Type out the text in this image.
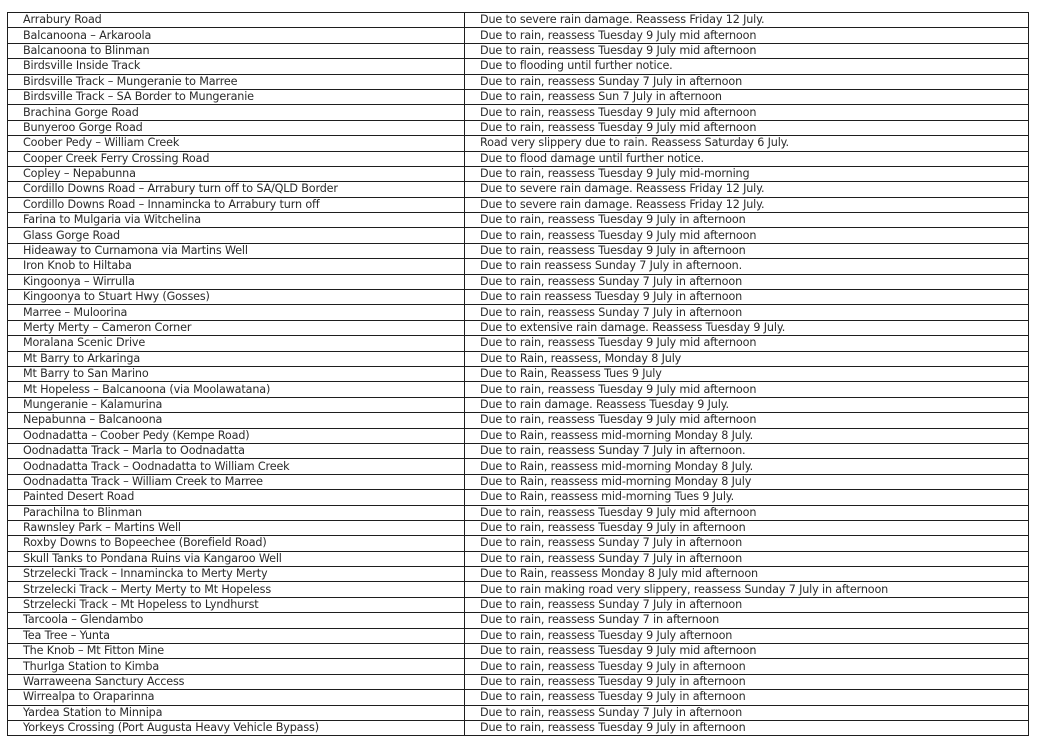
Arrabury Road	Due to severe rain damage. Reassess Friday 12 July.
Balcanoona – Arkaroola	Due to rain, reassess Tuesday 9 July mid afternoon
Balcanoona to Blinman	Due to rain, reassess Tuesday 9 July mid afternoon
Birdsville Inside Track	Due to flooding until further notice.
Birdsville Track – Mungeranie to Marree	Due to rain, reassess Sunday 7 July in afternoon
Birdsville Track – SA Border to Mungeranie	Due to rain, reassess Sun 7 July in afternoon
Brachina Gorge Road	Due to rain, reassess Tuesday 9 July mid afternoon
Bunyeroo Gorge Road	Due to rain, reassess Tuesday 9 July mid afternoon
Coober Pedy – William Creek	Road very slippery due to rain. Reassess Saturday 6 July.
Cooper Creek Ferry Crossing Road	Due to flood damage until further notice.
Copley – Nepabunna	Due to rain, reassess Tuesday 9 July mid-morning
Cordillo Downs Road – Arrabury turn off to SA/QLD Border	Due to severe rain damage. Reassess Friday 12 July.
Cordillo Downs Road – Innamincka to Arrabury turn off	Due to severe rain damage. Reassess Friday 12 July.
Farina to Mulgaria via Witchelina	Due to rain, reassess Tuesday 9 July in afternoon
Glass Gorge Road	Due to rain, reassess Tuesday 9 July mid afternoon
Hideaway to Curnamona via Martins Well	Due to rain, reassess Tuesday 9 July in afternoon
Iron Knob to Hiltaba	Due to rain reassess Sunday 7 July in afternoon.
Kingoonya – Wirrulla	Due to rain, reassess Sunday 7 July in afternoon
Kingoonya to Stuart Hwy (Gosses)	Due to rain reassess Tuesday 9 July in afternoon
Marree – Muloorina	Due to rain, reassess Sunday 7 July in afternoon
Merty Merty – Cameron Corner	Due to extensive rain damage. Reassess Tuesday 9 July.
Moralana Scenic Drive	Due to rain, reassess Tuesday 9 July mid afternoon
Mt Barry to Arkaringa	Due to Rain, reassess, Monday 8 July
Mt Barry to San Marino	Due to Rain, Reassess Tues 9 July
Mt Hopeless – Balcanoona (via Moolawatana)	Due to rain, reassess Tuesday 9 July mid afternoon
Mungeranie – Kalamurina	Due to rain damage. Reassess Tuesday 9 July.
Nepabunna – Balcanoona	Due to rain, reassess Tuesday 9 July mid afternoon
Oodnadatta – Coober Pedy (Kempe Road)	Due to Rain, reassess mid-morning Monday 8 July.
Oodnadatta Track – Marla to Oodnadatta	Due to rain, reassess Sunday 7 July in afternoon.
Oodnadatta Track – Oodnadatta to William Creek	Due to Rain, reassess mid-morning Monday 8 July.
Oodnadatta Track – William Creek to Marree	Due to Rain, reassess mid-morning Monday 8 July
Painted Desert Road	Due to Rain, reassess mid-morning Tues 9 July.
Parachilna to Blinman	Due to rain, reassess Tuesday 9 July mid afternoon
Rawnsley Park – Martins Well	Due to rain, reassess Tuesday 9 July in afternoon
Roxby Downs to Bopeechee (Borefield Road)	Due to rain, reassess Sunday 7 July in afternoon
Skull Tanks to Pondana Ruins via Kangaroo Well	Due to rain, reassess Sunday 7 July in afternoon
Strzelecki Track – Innamincka to Merty Merty	Due to Rain, reassess Monday 8 July mid afternoon
Strzelecki Track – Merty Merty to Mt Hopeless	Due to rain making road very slippery, reassess Sunday 7 July in afternoon
Strzelecki Track – Mt Hopeless to Lyndhurst	Due to rain, reassess Sunday 7 July in afternoon
Tarcoola – Glendambo	Due to rain, reassess Sunday 7 in afternoon
Tea Tree – Yunta	Due to rain, reassess Tuesday 9 July afternoon
The Knob – Mt Fitton Mine	Due to rain, reassess Tuesday 9 July mid afternoon
Thurlga Station to Kimba	Due to rain, reassess Tuesday 9 July in afternoon
Warraweena Sanctury Access	Due to rain, reassess Tuesday 9 July in afternoon
Wirrealpa to Oraparinna	Due to rain, reassess Tuesday 9 July in afternoon
Yardea Station to Minnipa	Due to rain, reassess Sunday 7 July in afternoon
Yorkeys Crossing (Port Augusta Heavy Vehicle Bypass)	Due to rain, reassess Tuesday 9 July in afternoon
